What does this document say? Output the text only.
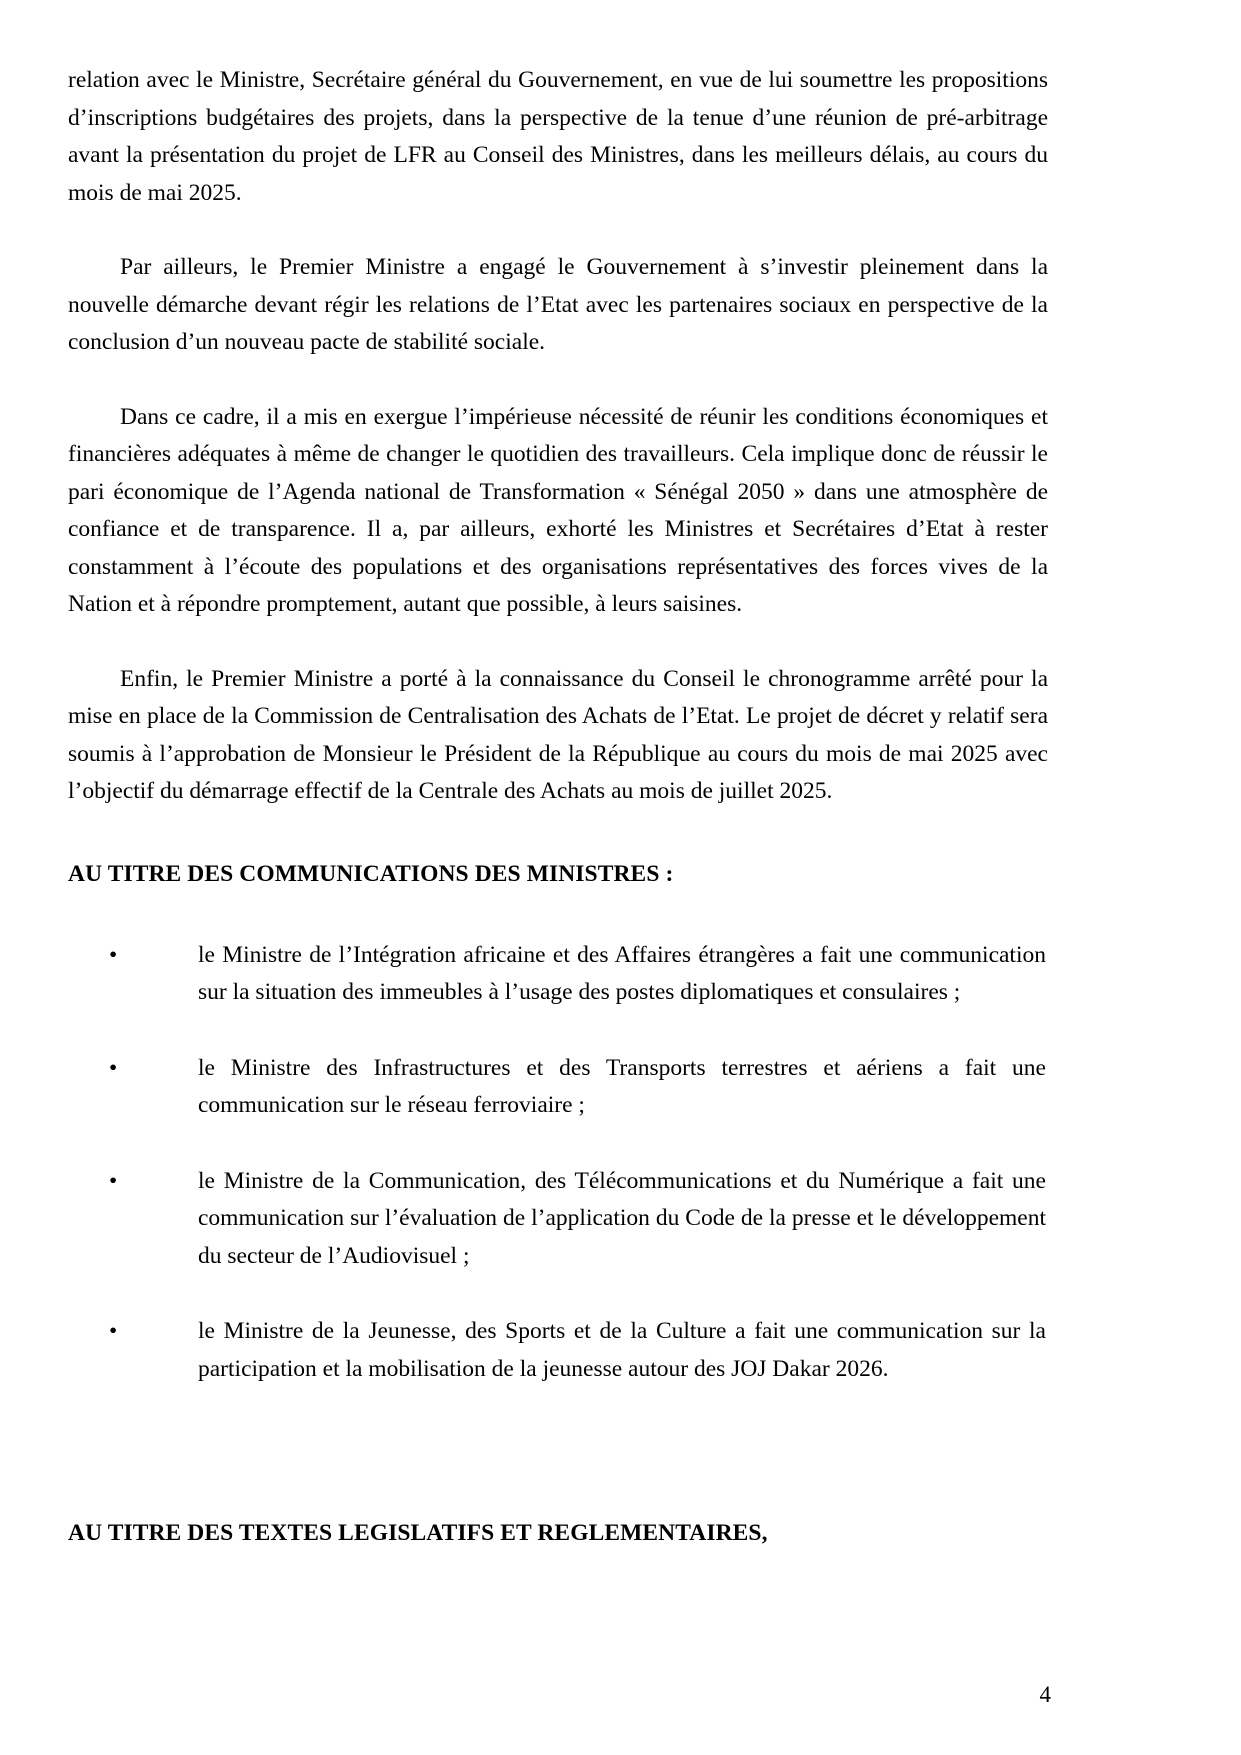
relation avec le Ministre, Secrétaire général du Gouvernement, en vue de lui soumettre les propositions d’inscriptions budgétaires des projets, dans la perspective de la tenue d’une réunion de pré-arbitrage avant la présentation du projet de LFR au Conseil des Ministres, dans les meilleurs délais, au cours du mois de mai 2025.

Par ailleurs, le Premier Ministre a engagé le Gouvernement à s’investir pleinement dans la nouvelle démarche devant régir les relations de l’Etat avec les partenaires sociaux en perspective de la conclusion d’un nouveau pacte de stabilité sociale.

Dans ce cadre, il a mis en exergue l’impérieuse nécessité de réunir les conditions économiques et financières adéquates à même de changer le quotidien des travailleurs. Cela implique donc de réussir le pari économique de l’Agenda national de Transformation « Sénégal 2050 » dans une atmosphère de confiance et de transparence. Il a, par ailleurs, exhorté les Ministres et Secrétaires d’Etat à rester constamment à l’écoute des populations et des organisations représentatives des forces vives de la Nation et à répondre promptement, autant que possible, à leurs saisines.

Enfin, le Premier Ministre a porté à la connaissance du Conseil le chronogramme arrêté pour la mise en place de la Commission de Centralisation des Achats de l’Etat. Le projet de décret y relatif sera soumis à l’approbation de Monsieur le Président de la République au cours du mois de mai 2025 avec l’objectif du démarrage effectif de la Centrale des Achats au mois de juillet 2025.

AU TITRE DES COMMUNICATIONS DES MINISTRES :
•	le Ministre de l’Intégration africaine et des Affaires étrangères a fait une communication sur la situation des immeubles à l’usage des postes diplomatiques et consulaires ;
•	le Ministre des Infrastructures et des Transports terrestres et aériens a fait une communication sur le réseau ferroviaire ;
•	le Ministre de la Communication, des Télécommunications et du Numérique a fait une communication sur l’évaluation de l’application du Code de la presse et le développement du secteur de l’Audiovisuel ;
•	le Ministre de la Jeunesse, des Sports et de la Culture a fait une communication sur la participation et la mobilisation de la jeunesse autour des JOJ Dakar 2026.
AU TITRE DES TEXTES LEGISLATIFS ET REGLEMENTAIRES,
4
